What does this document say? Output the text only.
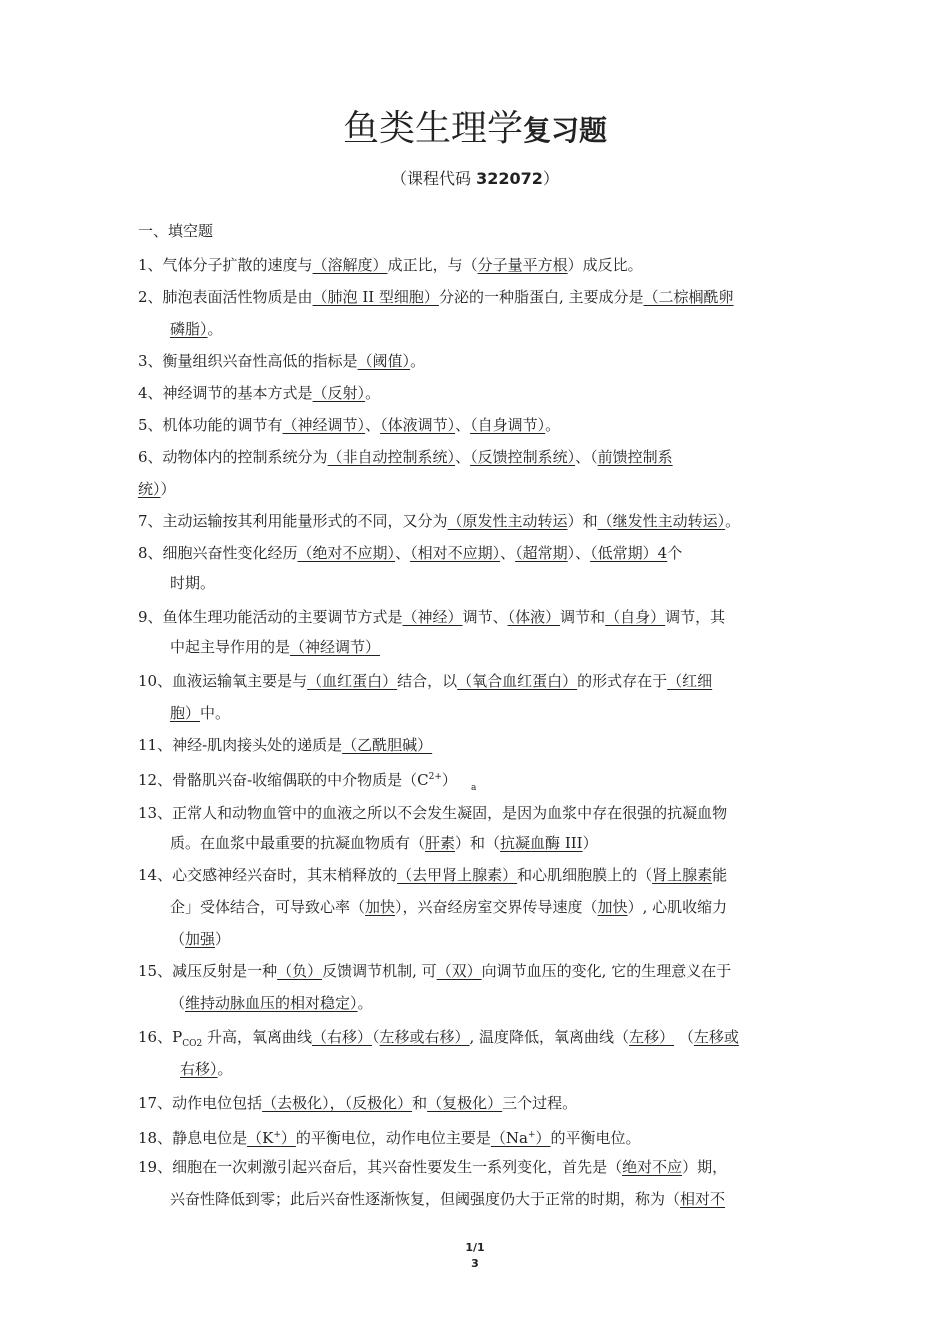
鱼类生理学复习题
（课程代码 322072）
一、填空题
1、气体分子扩散的速度与（溶解度）成正比，与（分子量平方根）成反比。
2、肺泡表面活性物质是由（肺泡 II 型细胞）分泌的一种脂蛋白, 主要成分是（二棕榈酰卵
磷脂）。
3、衡量组织兴奋性高低的指标是（阈值）。
4、神经调节的基本方式是（反射）。
5、机体功能的调节有（神经调节）、（体液调节）、（自身调节）。
6、动物体内的控制系统分为（非自动控制系统）、（反馈控制系统）、（前馈控制系
统））
7、主动运输按其利用能量形式的不同，又分为（原发性主动转运）和（继发性主动转运）。
8、细胞兴奋性变化经历（绝对不应期）、（相对不应期）、（超常期）、（低常期）4个
时期。
9、鱼体生理功能活动的主要调节方式是（神经）调节、（体液）调节和（自身）调节，其
中起主导作用的是（神经调节）
10、血液运输氧主要是与（血红蛋白）结合，以（氧合血红蛋白）的形式存在于（红细
胞）中。
11、神经-肌肉接头处的递质是（乙酰胆碱）
12、骨骼肌兴奋-收缩偶联的中介物质是$(C^{2+})$ a
13、正常人和动物血管中的血液之所以不会发生凝固，是因为血浆中存在很强的抗凝血物
质。在血浆中最重要的抗凝血物质有（肝素）和（抗凝血酶 III）
14、心交感神经兴奋时，其末梢释放的（去甲肾上腺素）和心肌细胞膜上的（肾上腺素能
企」受体结合，可导致心率（加快），兴奋经房室交界传导速度（加快）, 心肌收缩力
（加强）
15、减压反射是一种（负）反馈调节机制, 可（双）向调节血压的变化, 它的生理意义在于
（维持动脉血压的相对稳定）。
16、$P_{CO2}$ 升高，氧离曲线（右移）（左移或右移）, 温度降低，氧离曲线（左移） （左移或
右移）。
17、动作电位包括（去极化），（反极化）和（复极化）三个过程。
18、静息电位是（K+）的平衡电位，动作电位主要是（Na+）的平衡电位。
19、细胞在一次刺激引起兴奋后，其兴奋性要发生一系列变化，首先是（绝对不应）期，
兴奋性降低到零；此后兴奋性逐渐恢复，但阈强度仍大于正常的时期，称为（相对不
1/1
3
